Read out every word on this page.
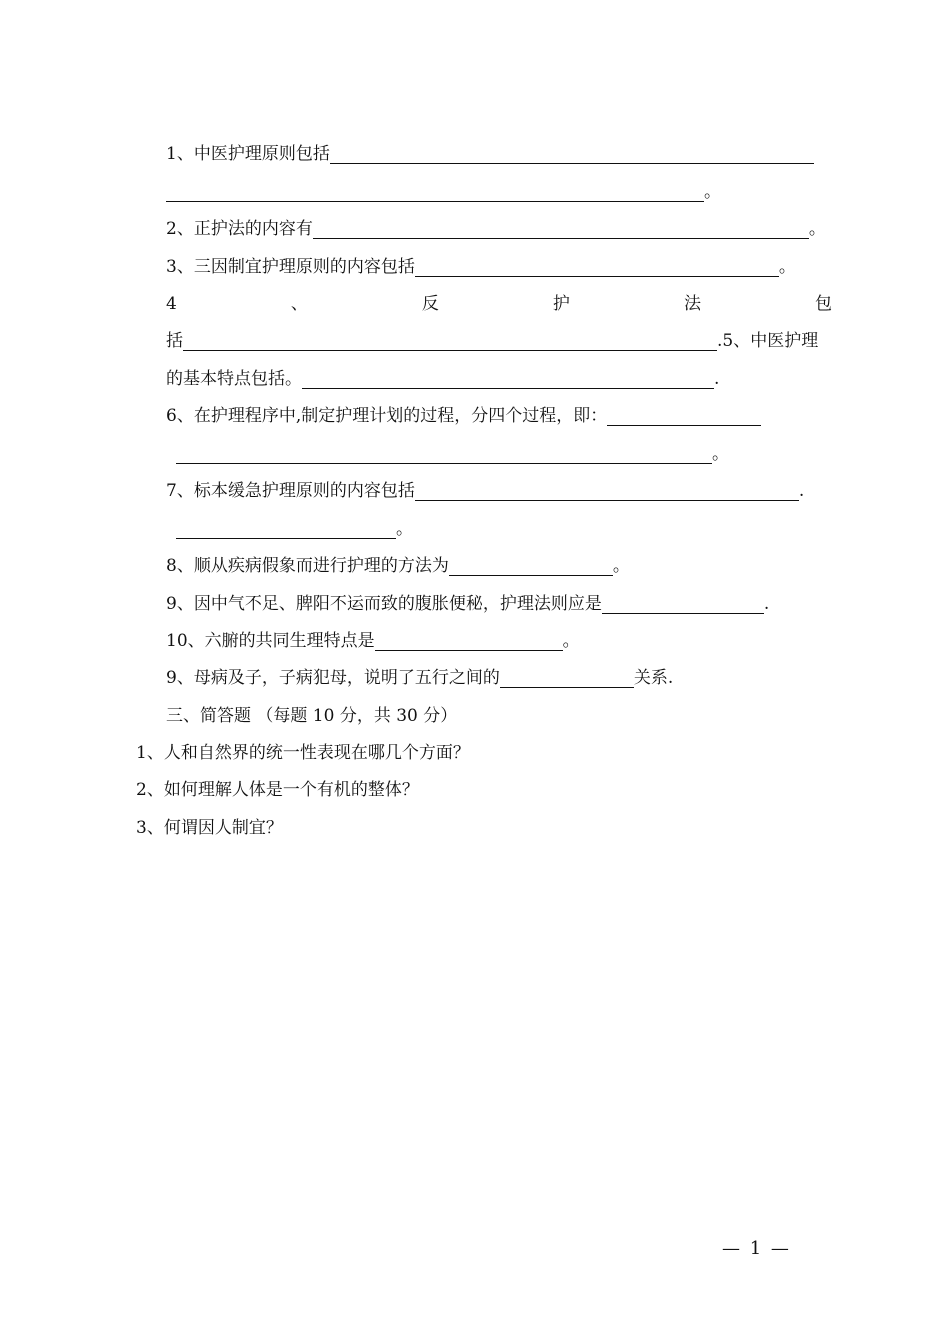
1、中医护理原则包括
。
2、正护法的内容有	。
3、三因制宜护理原则的内容包括	。
4	、	反	护	法	包
括	.5、中医护理
的基本特点包括。	.
6、在护理程序中,制定护理计划的过程，分四个过程，即：
。
7、标本缓急护理原则的内容包括	.
。
8、顺从疾病假象而进行护理的方法为	。
9、因中气不足、脾阳不运而致的腹胀便秘，护理法则应是	.
10、六腑的共同生理特点是	。
9、母病及子，子病犯母，说明了五行之间的	关系.
三、简答题 （每题 10 分，共 30 分）
1、人和自然界的统一性表现在哪几个方面？
2、如何理解人体是一个有机的整体？
3、何谓因人制宜？
— 1 —
